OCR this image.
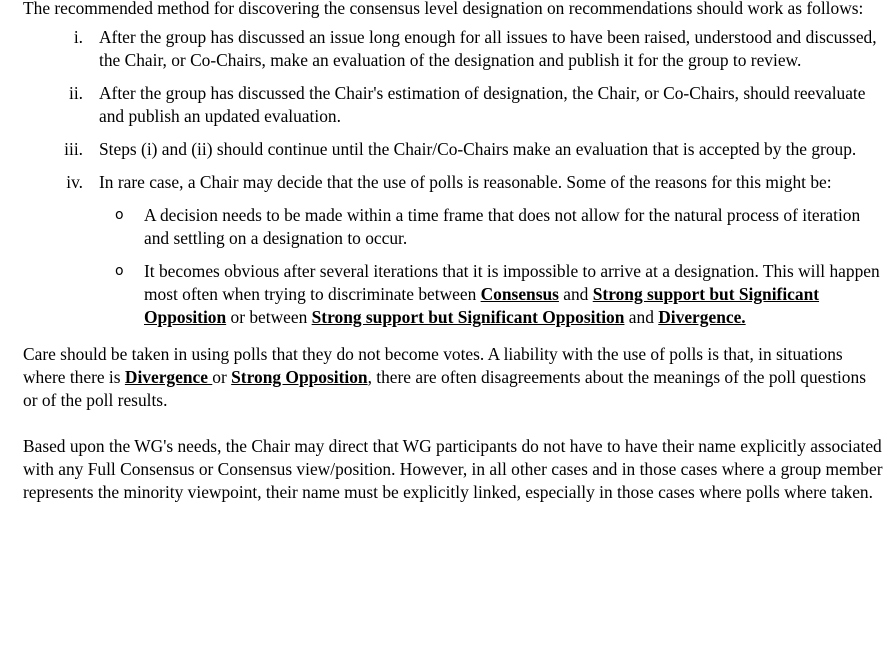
The recommended method for discovering the consensus level designation on recommendations should work as follows:

i. After the group has discussed an issue long enough for all issues to have been raised, understood and discussed, the Chair, or Co-Chairs, make an evaluation of the designation and publish it for the group to review.
ii. After the group has discussed the Chair's estimation of designation, the Chair, or Co-Chairs, should reevaluate and publish an updated evaluation.
iii. Steps (i) and (ii) should continue until the Chair/Co-Chairs make an evaluation that is accepted by the group.
iv. In rare case, a Chair may decide that the use of polls is reasonable. Some of the reasons for this might be:
o A decision needs to be made within a time frame that does not allow for the natural process of iteration and settling on a designation to occur.
o It becomes obvious after several iterations that it is impossible to arrive at a designation. This will happen most often when trying to discriminate between Consensus and Strong support but Significant Opposition or between Strong support but Significant Opposition and Divergence.

Care should be taken in using polls that they do not become votes. A liability with the use of polls is that, in situations where there is Divergence or Strong Opposition, there are often disagreements about the meanings of the poll questions or of the poll results.

Based upon the WG's needs, the Chair may direct that WG participants do not have to have their name explicitly associated with any Full Consensus or Consensus view/position. However, in all other cases and in those cases where a group member represents the minority viewpoint, their name must be explicitly linked, especially in those cases where polls where taken.
